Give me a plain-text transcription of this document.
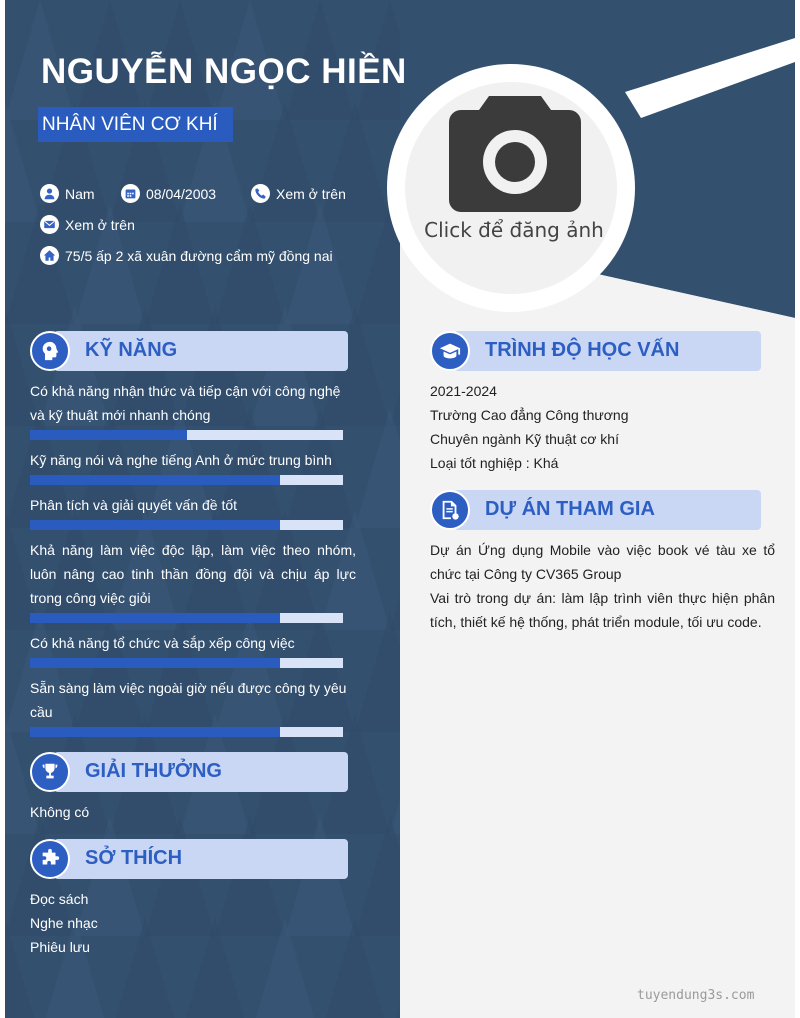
NGUYỄN NGỌC HIỀN
NHÂN VIÊN CƠ KHÍ
Nam	08/04/2003	Xem ở trên
Xem ở trên
75/5 ấp 2 xã xuân đường cẩm mỹ đồng nai
Click để đăng ảnh
KỸ NĂNG
Có khả năng nhận thức và tiếp cận với công nghệ và kỹ thuật mới nhanh chóng
Kỹ năng nói và nghe tiếng Anh ở mức trung bình
Phân tích và giải quyết vấn đề tốt
Khả năng làm việc độc lập, làm việc theo nhóm, luôn nâng cao tinh thần đồng đội và chịu áp lực trong công việc giỏi
Có khả năng tổ chức và sắp xếp công việc
Sẵn sàng làm việc ngoài giờ nếu được công ty yêu cầu
GIẢI THƯỞNG
Không có
SỞ THÍCH
Đọc sách
Nghe nhạc
Phiêu lưu
TRÌNH ĐỘ HỌC VẤN
2021-2024
Trường Cao đẳng Công thương
Chuyên ngành Kỹ thuật cơ khí
Loại tốt nghiệp : Khá
DỰ ÁN THAM GIA
Dự án Ứng dụng Mobile vào việc book vé tàu xe tổ chức tại Công ty CV365 Group
Vai trò trong dự án: làm lập trình viên thực hiện phân tích, thiết kế hệ thống, phát triển module, tối ưu code.
tuyendung3s.com
